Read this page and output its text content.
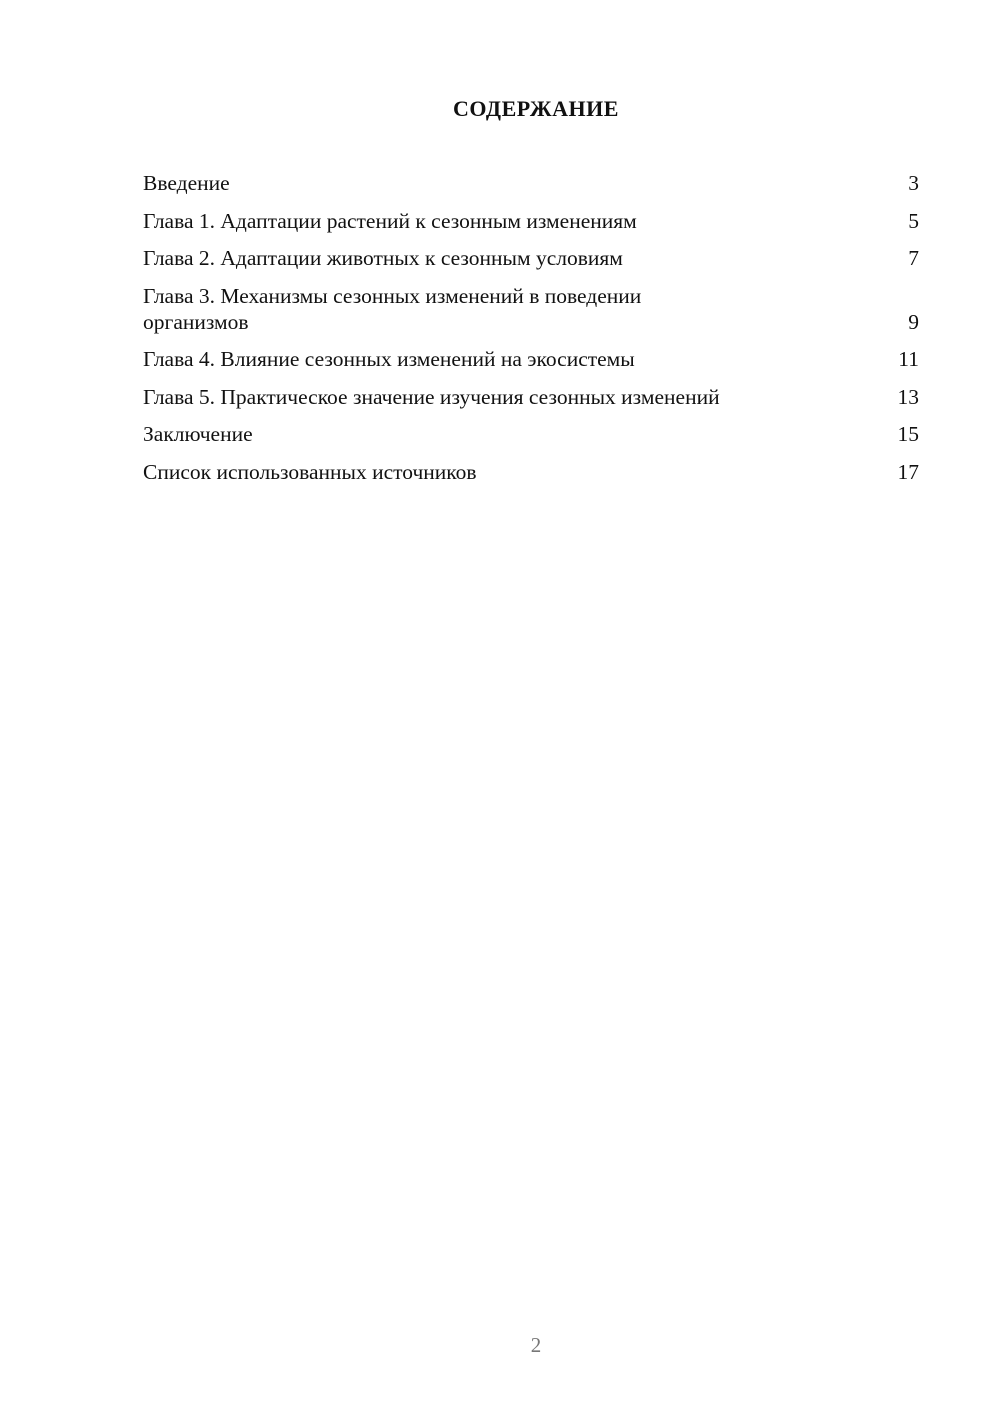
СОДЕРЖАНИЕ
Введение	3
Глава 1. Адаптации растений к сезонным изменениям	5
Глава 2. Адаптации животных к сезонным условиям	7
Глава 3. Механизмы сезонных изменений в поведении организмов	9
Глава 4. Влияние сезонных изменений на экосистемы	11
Глава 5. Практическое значение изучения сезонных изменений	13
Заключение	15
Список использованных источников	17
2
